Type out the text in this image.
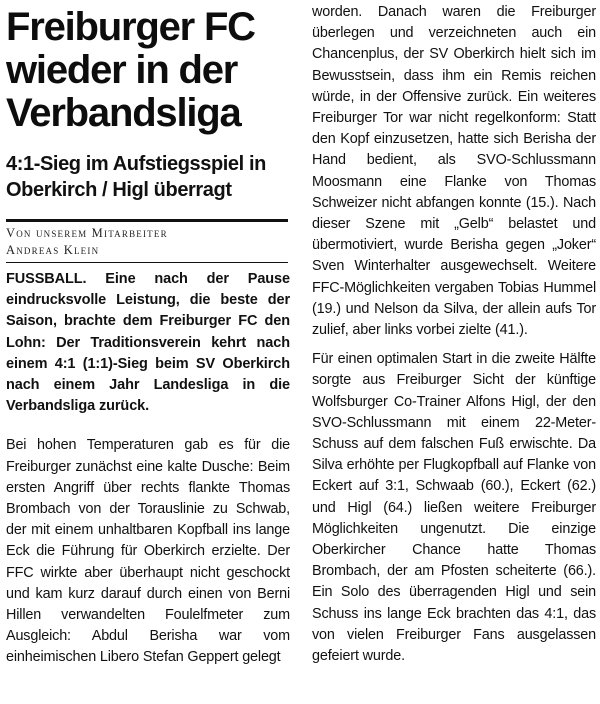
Freiburger FC wieder in der Verbandsliga
4:1-Sieg im Aufstiegsspiel in Oberkirch / Higl überragt
Von unserem Mitarbeiter
Andreas Klein

FUSSBALL. Eine nach der Pause eindrucksvolle Leistung, die beste der Saison, brachte dem Freiburger FC den Lohn: Der Traditionsverein kehrt nach einem 4:1 (1:1)-Sieg beim SV Oberkirch nach einem Jahr Landesliga in die Verbandsliga zurück.

Bei hohen Temperaturen gab es für die Freiburger zunächst eine kalte Dusche: Beim ersten Angriff über rechts flankte Thomas Brombach von der Torauslinie zu Schwab, der mit einem unhaltbaren Kopfball ins lange Eck die Führung für Oberkirch erzielte. Der FFC wirkte aber überhaupt nicht geschockt und kam kurz darauf durch einen von Berni Hillen verwandelten Foulelfmeter zum Ausgleich: Abdul Berisha war vom einheimischen Libero Stefan Geppert gelegt

worden. Danach waren die Freiburger überlegen und verzeichneten auch ein Chancenplus, der SV Oberkirch hielt sich im Bewusstsein, dass ihm ein Remis reichen würde, in der Offensive zurück. Ein weiteres Freiburger Tor war nicht regelkonform: Statt den Kopf einzusetzen, hatte sich Berisha der Hand bedient, als SVO-Schlussmann Moosmann eine Flanke von Thomas Schweizer nicht abfangen konnte (15.). Nach dieser Szene mit „Gelb“ belastet und übermotiviert, wurde Berisha gegen „Joker“ Sven Winterhalter ausgewechselt. Weitere FFC-Möglichkeiten vergaben Tobias Hummel (19.) und Nelson da Silva, der allein aufs Tor zulief, aber links vorbei zielte (41.).

Für einen optimalen Start in die zweite Hälfte sorgte aus Freiburger Sicht der künftige Wolfsburger Co-Trainer Alfons Higl, der den SVO-Schlussmann mit einem 22-Meter-Schuss auf dem falschen Fuß erwischte. Da Silva erhöhte per Flugkopfball auf Flanke von Eckert auf 3:1, Schwaab (60.), Eckert (62.) und Higl (64.) ließen weitere Freiburger Möglichkeiten ungenutzt. Die einzige Oberkircher Chance hatte Thomas Brombach, der am Pfosten scheiterte (66.). Ein Solo des überragenden Higl und sein Schuss ins lange Eck brachten das 4:1, das von vielen Freiburger Fans ausgelassen gefeiert wurde.
